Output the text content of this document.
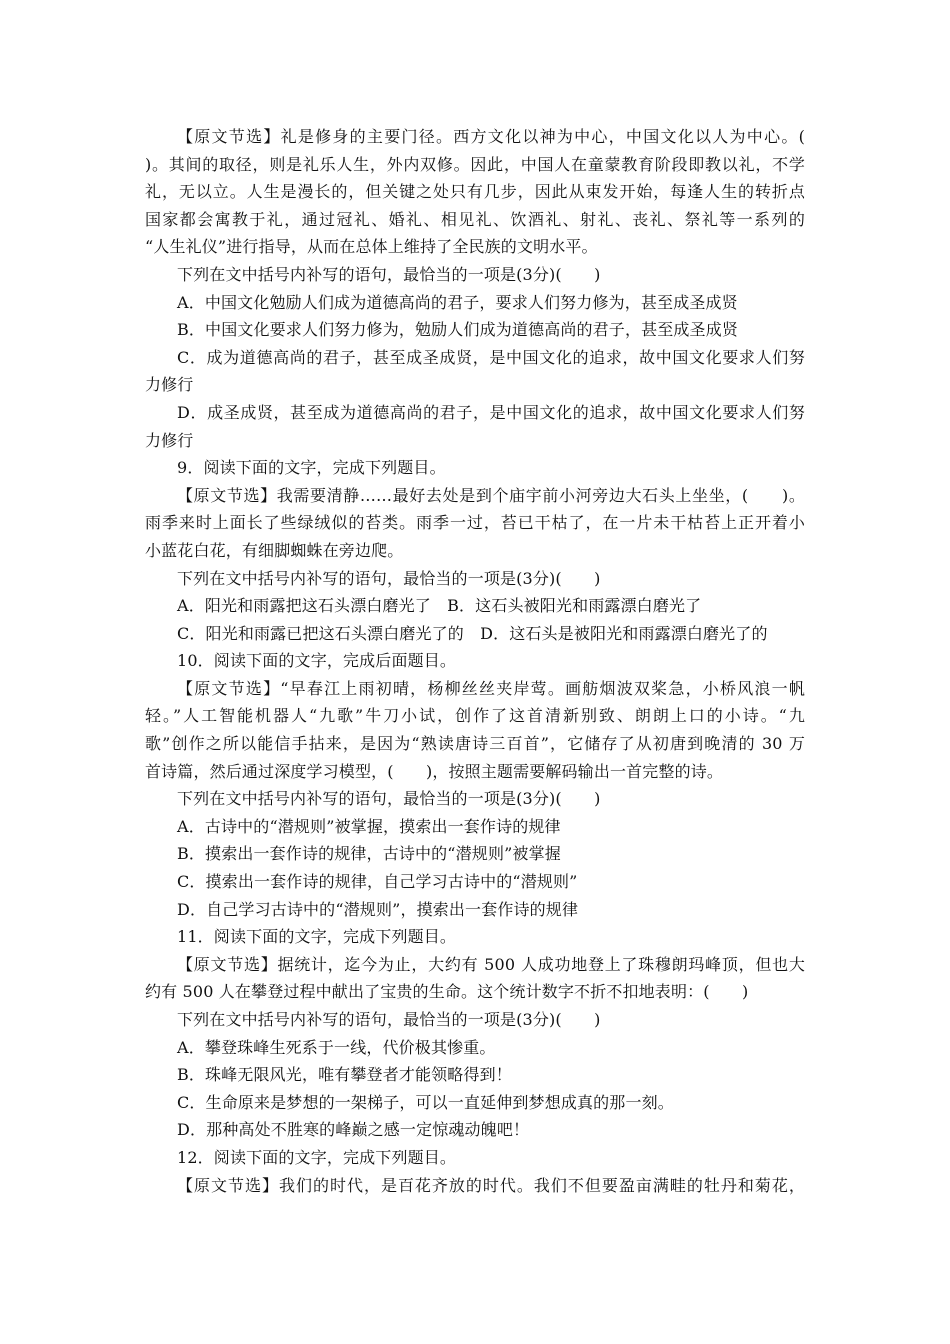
【原文节选】礼是修身的主要门径。西方文化以神为中心，中国文化以人为中心。(
)。其间的取径，则是礼乐人生，外内双修。因此，中国人在童蒙教育阶段即教以礼，不学
礼，无以立。人生是漫长的，但关键之处只有几步，因此从束发开始，每逢人生的转折点
国家都会寓教于礼，通过冠礼、婚礼、相见礼、饮酒礼、射礼、丧礼、祭礼等一系列的
“人生礼仪”进行指导，从而在总体上维持了全民族的文明水平。
下列在文中括号内补写的语句，最恰当的一项是(3分)(　　)
A．中国文化勉励人们成为道德高尚的君子，要求人们努力修为，甚至成圣成贤
B．中国文化要求人们努力修为，勉励人们成为道德高尚的君子，甚至成圣成贤
C．成为道德高尚的君子，甚至成圣成贤，是中国文化的追求，故中国文化要求人们努
力修行
D．成圣成贤，甚至成为道德高尚的君子，是中国文化的追求，故中国文化要求人们努
力修行
9．阅读下面的文字，完成下列题目。
【原文节选】我需要清静……最好去处是到个庙宇前小河旁边大石头上坐坐，(　　)。
雨季来时上面长了些绿绒似的苔类。雨季一过，苔已干枯了，在一片未干枯苔上正开着小
小蓝花白花，有细脚蜘蛛在旁边爬。
下列在文中括号内补写的语句，最恰当的一项是(3分)(　　)
A．阳光和雨露把这石头漂白磨光了　B．这石头被阳光和雨露漂白磨光了
C．阳光和雨露已把这石头漂白磨光了的　D．这石头是被阳光和雨露漂白磨光了的
10．阅读下面的文字，完成后面题目。
【原文节选】“早春江上雨初晴，杨柳丝丝夹岸莺。画舫烟波双桨急，小桥风浪一帆
轻。”人工智能机器人“九歌”牛刀小试，创作了这首清新别致、朗朗上口的小诗。“九
歌”创作之所以能信手拈来，是因为“熟读唐诗三百首”，它储存了从初唐到晚清的 30 万
首诗篇，然后通过深度学习模型，(　　)，按照主题需要解码输出一首完整的诗。
下列在文中括号内补写的语句，最恰当的一项是(3分)(　　)
A．古诗中的“潜规则”被掌握，摸索出一套作诗的规律
B．摸索出一套作诗的规律，古诗中的“潜规则”被掌握
C．摸索出一套作诗的规律，自己学习古诗中的“潜规则”
D．自己学习古诗中的“潜规则”，摸索出一套作诗的规律
11．阅读下面的文字，完成下列题目。
【原文节选】据统计，迄今为止，大约有 500 人成功地登上了珠穆朗玛峰顶，但也大
约有 500 人在攀登过程中献出了宝贵的生命。这个统计数字不折不扣地表明：(　　)
下列在文中括号内补写的语句，最恰当的一项是(3分)(　　)
A．攀登珠峰生死系于一线，代价极其惨重。
B．珠峰无限风光，唯有攀登者才能领略得到！
C．生命原来是梦想的一架梯子，可以一直延伸到梦想成真的那一刻。
D．那种高处不胜寒的峰巅之感一定惊魂动魄吧！
12．阅读下面的文字，完成下列题目。
【原文节选】我们的时代，是百花齐放的时代。我们不但要盈亩满畦的牡丹和菊花，
